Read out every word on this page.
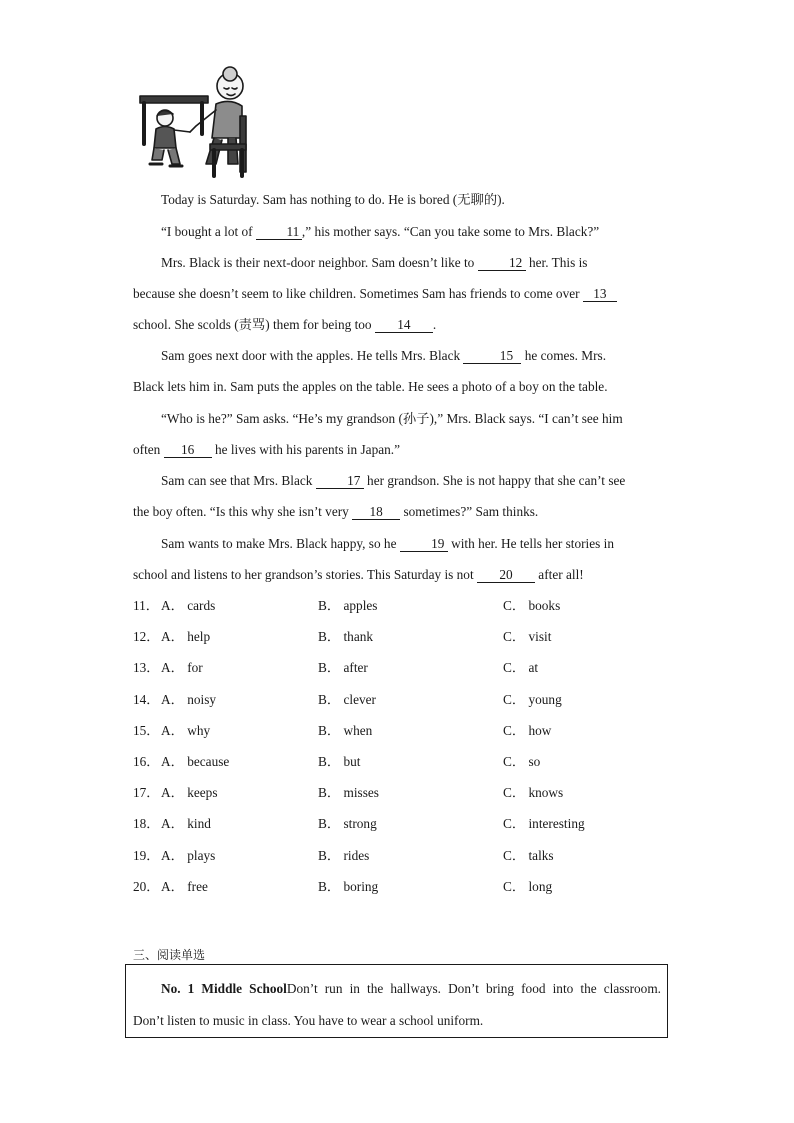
Today is Saturday. Sam has nothing to do. He is bored (无聊的).

“I bought a lot of 11 ,” his mother says. “Can you take some to Mrs. Black?”

Mrs. Black is their next-door neighbor. Sam doesn’t like to 12 her. This is
because she doesn’t seem to like children. Sometimes Sam has friends to come over 13
school. She scolds (责骂) them for being too 14 .

Sam goes next door with the apples. He tells Mrs. Black	15 he comes. Mrs.
Black lets him in. Sam puts the apples on the table. He sees a photo of a boy on the table.

“Who is he?” Sam asks. “He’s my grandson (孙子),” Mrs. Black says. “I can’t see him
often 16 he lives with his parents in Japan.”

Sam can see that Mrs. Black 17 her grandson. She is not happy that she can’t see
the boy often. “Is this why she isn’t very 18 sometimes?” Sam thinks.

Sam wants to make Mrs. Black happy, so he 19 with her. He tells her stories in
school and listens to her grandson’s stories. This Saturday is not 20 after all!

11． A． cards	B． apples	C． books
12． A． help	B． thank	C． visit
13． A． for	B． after	C． at
14． A． noisy	B． clever	C． young
15． A． why	B． when	C． how
16． A． because	B． but	C． so
17． A． keeps	B． misses	C． knows
18． A． kind	B． strong	C． interesting
19． A． plays	B． rides	C． talks
20． A． free	B． boring	C． long
三、阅读单选

No. 1 Middle SchoolDon’t run in the hallways. Don’t bring food into the classroom.
Don’t listen to music in class. You have to wear a school uniform.
